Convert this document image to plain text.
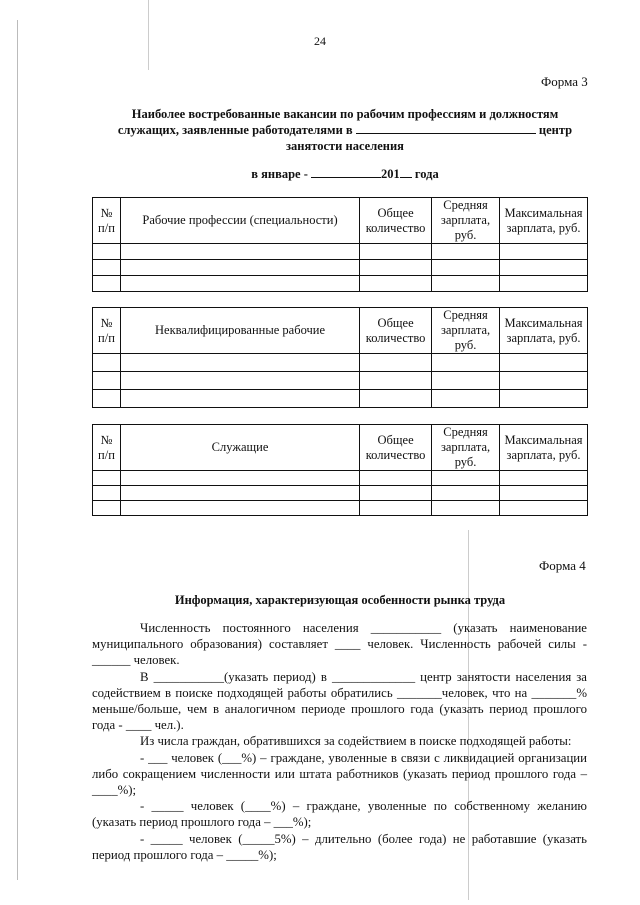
24
Форма 3
Наиболее востребованные вакансии по рабочим профессиям и должностям
служащих, заявленные работодателями в	центр
занятости населения
в январе -	201 года
№ п/п	Рабочие профессии (специальности)	Общее количество	Средняя зарплата, руб.	Максимальная зарплата, руб.

№ п/п	Неквалифицированные рабочие	Общее количество	Средняя зарплата, руб.	Максимальная зарплата, руб.

№ п/п	Служащие	Общее количество	Средняя зарплата, руб.	Максимальная зарплата, руб.

Форма 4
Информация, характеризующая особенности рынка труда
Численность постоянного населения ___________ (указать наименование муниципального образования) составляет ____ человек. Численность рабочей силы - ______ человек.
В ___________(указать период) в _____________ центр занятости населения за содействием в поиске подходящей работы обратились _______человек, что на _______% меньше/больше, чем в аналогичном периоде прошлого года (указать период прошлого года - ____ чел.).
Из числа граждан, обратившихся за содействием в поиске подходящей работы:
- ___ человек (___%) – граждане, уволенные в связи с ликвидацией организации либо сокращением численности или штата работников (указать период прошлого года – ____%);
- _____ человек (____%) – граждане, уволенные по собственному желанию (указать период прошлого года – ___%);
- _____ человек (_____5%) – длительно (более года) не работавшие (указать период прошлого года – _____%);
